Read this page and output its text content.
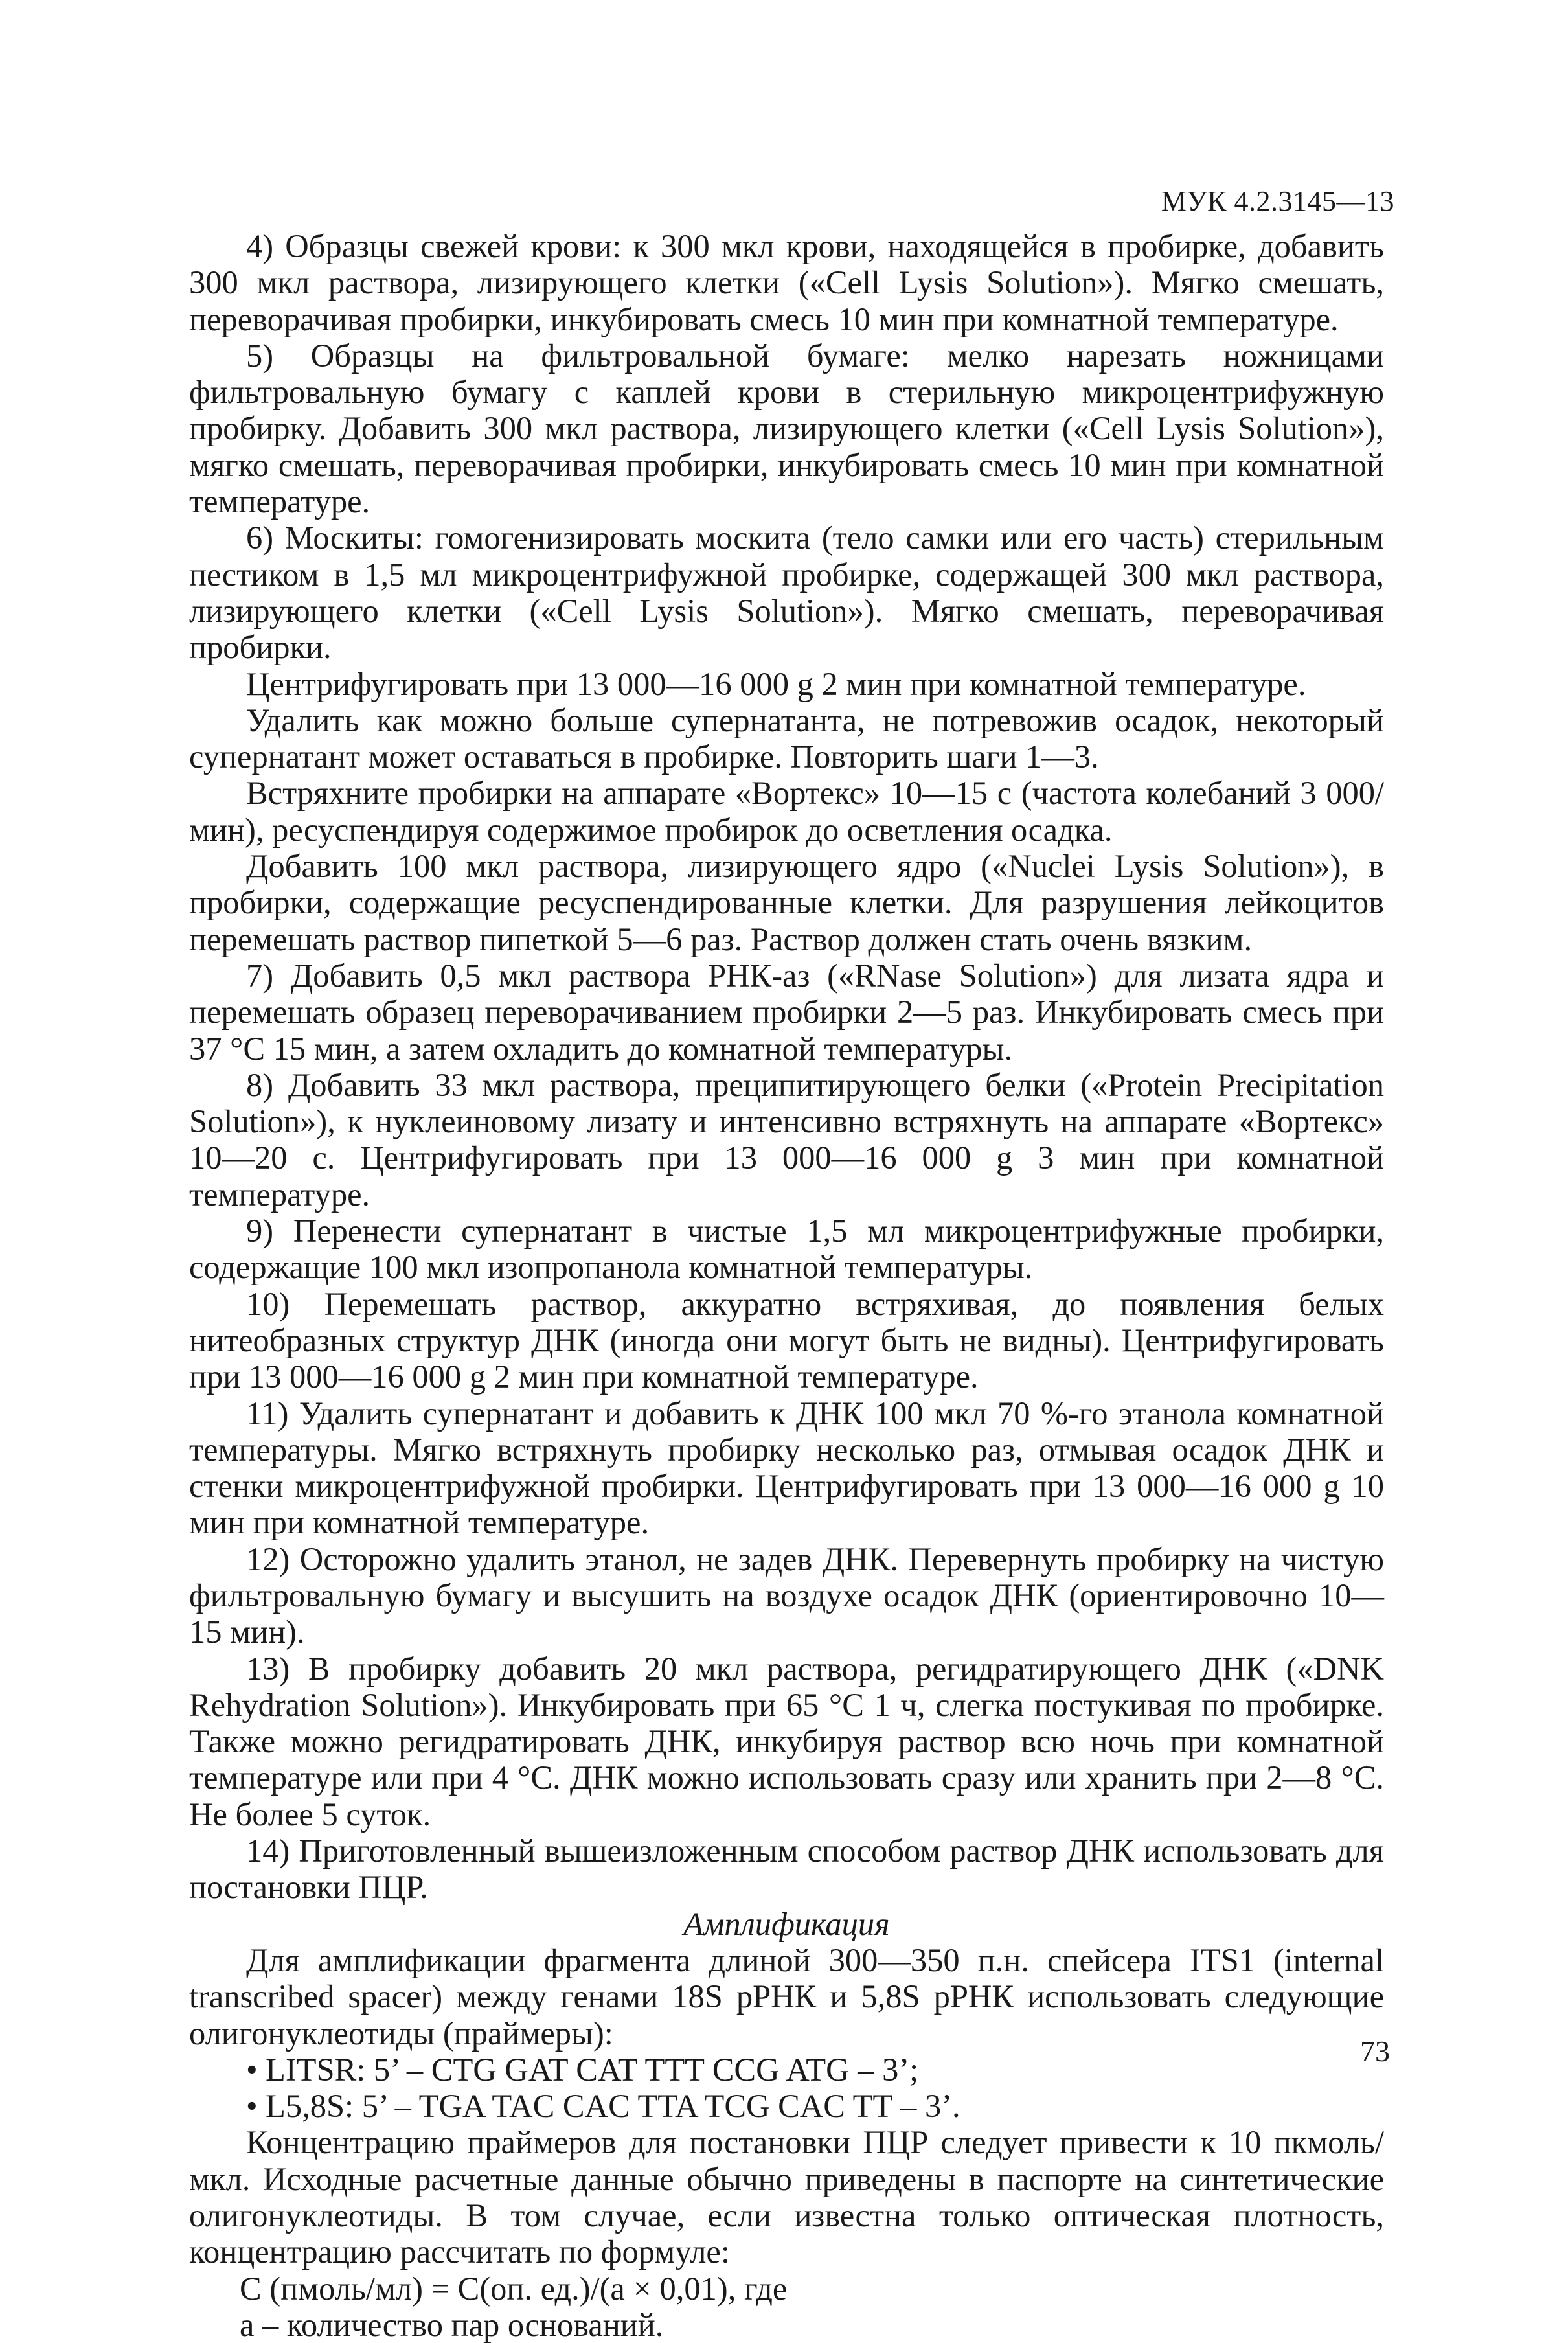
МУК 4.2.3145—13

4) Образцы свежей крови: к 300 мкл крови, находящейся в пробирке, добавить 300 мкл раствора, лизирующего клетки («Cell Lysis Solution»). Мягко смешать, переворачивая пробирки, инкубировать смесь 10 мин при комнатной температуре.

5) Образцы на фильтровальной бумаге: мелко нарезать ножницами фильтровальную бумагу с каплей крови в стерильную микроцентрифужную пробирку. Добавить 300 мкл раствора, лизирующего клетки («Cell Lysis Solution»), мягко смешать, переворачивая пробирки, инкубировать смесь 10 мин при комнатной температуре.

6) Москиты: гомогенизировать москита (тело самки или его часть) стерильным пестиком в 1,5 мл микроцентрифужной пробирке, содержащей 300 мкл раствора, лизирующего клетки («Cell Lysis Solution»). Мягко смешать, переворачивая пробирки.

Центрифугировать при 13 000—16 000 g 2 мин при комнатной температуре.

Удалить как можно больше супернатанта, не потревожив осадок, некоторый супернатант может оставаться в пробирке. Повторить шаги 1—3.

Встряхните пробирки на аппарате «Вортекс» 10—15 с (частота колебаний 3 000/мин), ресуспендируя содержимое пробирок до осветления осадка.

Добавить 100 мкл раствора, лизирующего ядро («Nuclei Lysis Solution»), в пробирки, содержащие ресуспендированные клетки. Для разрушения лейкоцитов перемешать раствор пипеткой 5—6 раз. Раствор должен стать очень вязким.

7) Добавить 0,5 мкл раствора РНК-аз («RNase Solution») для лизата ядра и перемешать образец переворачиванием пробирки 2—5 раз. Инкубировать смесь при 37 °С 15 мин, а затем охладить до комнатной температуры.

8) Добавить 33 мкл раствора, преципитирующего белки («Protein Precipitation Solution»), к нуклеиновому лизату и интенсивно встряхнуть на аппарате «Вортекс» 10—20 с. Центрифугировать при 13 000—16 000 g 3 мин при комнатной температуре.

9) Перенести супернатант в чистые 1,5 мл микроцентрифужные пробирки, содержащие 100 мкл изопропанола комнатной температуры.

10) Перемешать раствор, аккуратно встряхивая, до появления белых нитеобразных структур ДНК (иногда они могут быть не видны). Центрифугировать при 13 000—16 000 g 2 мин при комнатной температуре.

11) Удалить супернатант и добавить к ДНК 100 мкл 70 %-го этанола комнатной температуры. Мягко встряхнуть пробирку несколько раз, отмывая осадок ДНК и стенки микроцентрифужной пробирки. Центрифугировать при 13 000—16 000 g 10 мин при комнатной температуре.

12) Осторожно удалить этанол, не задев ДНК. Перевернуть пробирку на чистую фильтровальную бумагу и высушить на воздухе осадок ДНК (ориентировочно 10—15 мин).

13) В пробирку добавить 20 мкл раствора, регидратирующего ДНК («DNK Rehydration Solution»). Инкубировать при 65 °С 1 ч, слегка постукивая по пробирке. Также можно регидратировать ДНК, инкубируя раствор всю ночь при комнатной температуре или при 4 °С. ДНК можно использовать сразу или хранить при 2—8 °С. Не более 5 суток.

14) Приготовленный вышеизложенным способом раствор ДНК использовать для постановки ПЦР.

Амплификация

Для амплификации фрагмента длиной 300—350 п.н. спейсера ITS1 (internal transcribed spacer) между генами 18S рРНК и 5,8S рРНК использовать следующие олигонуклеотиды (праймеры):

• LITSR: 5’ – CTG GAT CAT TTT CCG ATG – 3’;

• L5,8S: 5’ – TGA TAC CAC TTA TCG CAC TT – 3’.

Концентрацию праймеров для постановки ПЦР следует привести к 10 пкмоль/мкл. Исходные расчетные данные обычно приведены в паспорте на синтетические олигонуклеотиды. В том случае, если известна только оптическая плотность, концентрацию рассчитать по формуле:

С (пмоль/мл) = С(оп. ед.)/(а × 0,01), где

а – количество пар оснований.

73
